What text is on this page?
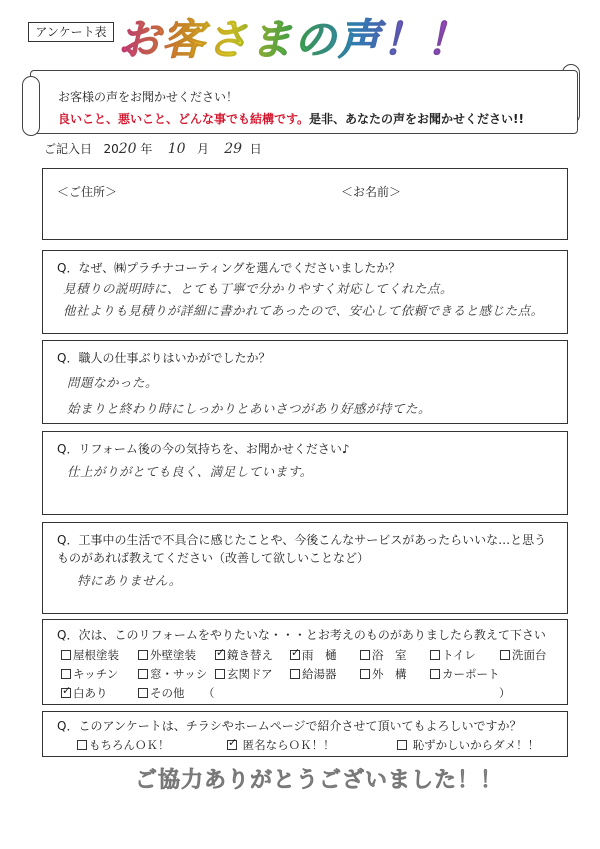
アンケート表 お客さまの声！！
お客様の声をお聞かせください！
良いこと、悪いこと、どんな事でも結構です。是非、あなたの声をお聞かせください!!
ご記入日 2020 年 10 月 29 日
＜ご住所＞	＜お名前＞
Q．なぜ、㈱プラチナコーティングを選んでくださいましたか？
見積りの説明時に、とても丁寧で分かりやすく対応してくれた点。
他社よりも見積りが詳細に書かれてあったので、安心して依頼できると感じた点。
Q．職人の仕事ぶりはいかがでしたか？
問題なかった。
始まりと終わり時にしっかりとあいさつがあり好感が持てた。
Q．リフォーム後の今の気持ちを、お聞かせください♪
仕上がりがとても良く、満足しています。
Q．工事中の生活で不具合に感じたことや、今後こんなサービスがあったらいいな…と思う
ものがあれば教えてください（改善して欲しいことなど）
特にありません。
Q．次は、このリフォームをやりたいな・・・とお考えのものがありましたら教えて下さい
屋根塗装	外壁塗装 ✓	鏡き替え ✓	雨　樋	浴　室	トイレ	洗面台
キッチン	窓・サッシ	玄関ドア	給湯器	外　構	カーポート
✓白あり	その他 （	）
Q．このアンケートは、チラシやホームページで紹介させて頂いてもよろしいですか？
もちろんＯＫ！ ✓	匿名ならＯＫ！！	恥ずかしいからダメ！！
ご協力ありがとうございました！！
